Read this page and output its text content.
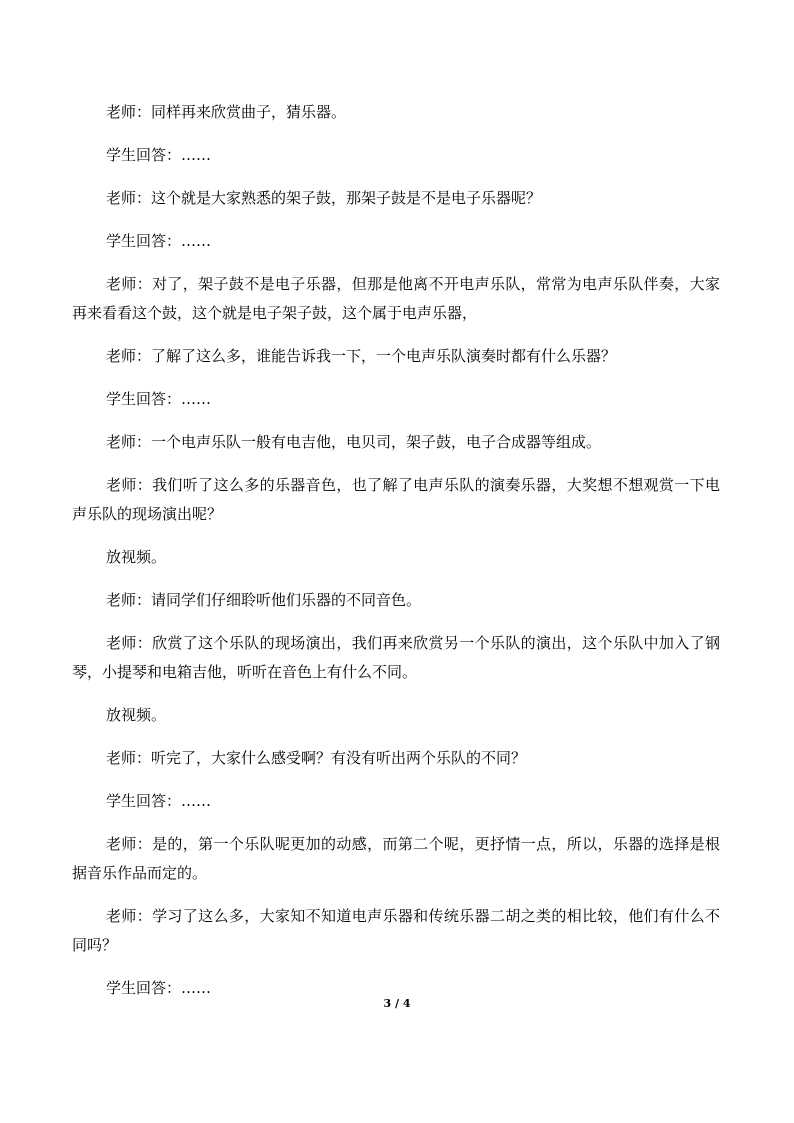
老师：同样再来欣赏曲子，猜乐器。

学生回答：……

老师：这个就是大家熟悉的架子鼓，那架子鼓是不是电子乐器呢？

学生回答：……

老师：对了，架子鼓不是电子乐器，但那是他离不开电声乐队，常常为电声乐队伴奏，大家再来看看这个鼓，这个就是电子架子鼓，这个属于电声乐器，

老师：了解了这么多，谁能告诉我一下，一个电声乐队演奏时都有什么乐器？

学生回答：……

老师：一个电声乐队一般有电吉他，电贝司，架子鼓，电子合成器等组成。

老师：我们听了这么多的乐器音色，也了解了电声乐队的演奏乐器，大奖想不想观赏一下电声乐队的现场演出呢？

放视频。

老师：请同学们仔细聆听他们乐器的不同音色。

老师：欣赏了这个乐队的现场演出，我们再来欣赏另一个乐队的演出，这个乐队中加入了钢琴，小提琴和电箱吉他，听听在音色上有什么不同。

放视频。

老师：听完了，大家什么感受啊？有没有听出两个乐队的不同？

学生回答：……

老师：是的，第一个乐队呢更加的动感，而第二个呢，更抒情一点，所以，乐器的选择是根据音乐作品而定的。

老师：学习了这么多，大家知不知道电声乐器和传统乐器二胡之类的相比较，他们有什么不同吗？

学生回答：……

3 / 4
